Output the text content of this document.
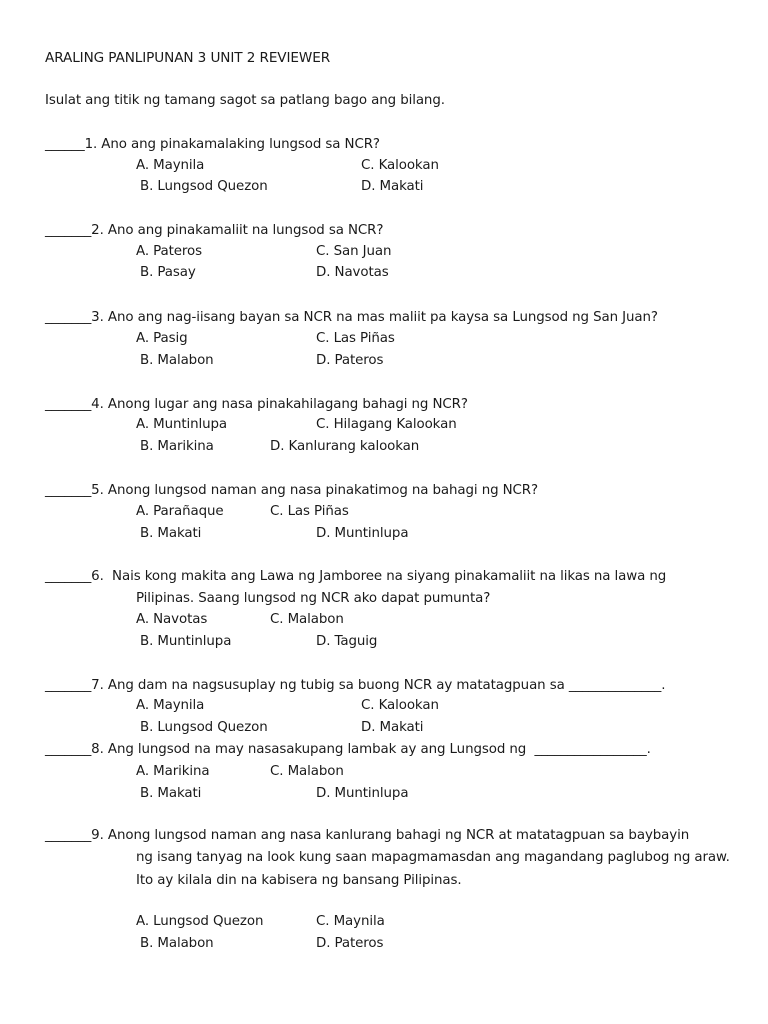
ARALING PANLIPUNAN 3 UNIT 2 REVIEWER
Isulat ang titik ng tamang sagot sa patlang bago ang bilang.
______1. Ano ang pinakamalaking lungsod sa NCR?
A. Maynila	C. Kalookan
B. Lungsod Quezon	D. Makati
_______2. Ano ang pinakamaliit na lungsod sa NCR?
A. Pateros	C. San Juan
B. Pasay	D. Navotas
_______3. Ano ang nag-iisang bayan sa NCR na mas maliit pa kaysa sa Lungsod ng San Juan?
A. Pasig	C. Las Piñas
B. Malabon	D. Pateros
_______4. Anong lugar ang nasa pinakahilagang bahagi ng NCR?
A. Muntinlupa	C. Hilagang Kalookan
B. Marikina	D. Kanlurang kalookan
_______5. Anong lungsod naman ang nasa pinakatimog na bahagi ng NCR?
A. Parañaque	C. Las Piñas
B. Makati	D. Muntinlupa
_______6.  Nais kong makita ang Lawa ng Jamboree na siyang pinakamaliit na likas na lawa ng
Pilipinas. Saang lungsod ng NCR ako dapat pumunta?
A. Navotas	C. Malabon
B. Muntinlupa	D. Taguig
_______7. Ang dam na nagsusuplay ng tubig sa buong NCR ay matatagpuan sa ______________.
A. Maynila	C. Kalookan
B. Lungsod Quezon	D. Makati
_______8. Ang lungsod na may nasasakupang lambak ay ang Lungsod ng  _________________.
A. Marikina	C. Malabon
B. Makati	D. Muntinlupa
_______9. Anong lungsod naman ang nasa kanlurang bahagi ng NCR at matatagpuan sa baybayin
ng isang tanyag na look kung saan mapagmamasdan ang magandang paglubog ng araw.
Ito ay kilala din na kabisera ng bansang Pilipinas.
A. Lungsod Quezon	C. Maynila
B. Malabon	D. Pateros
